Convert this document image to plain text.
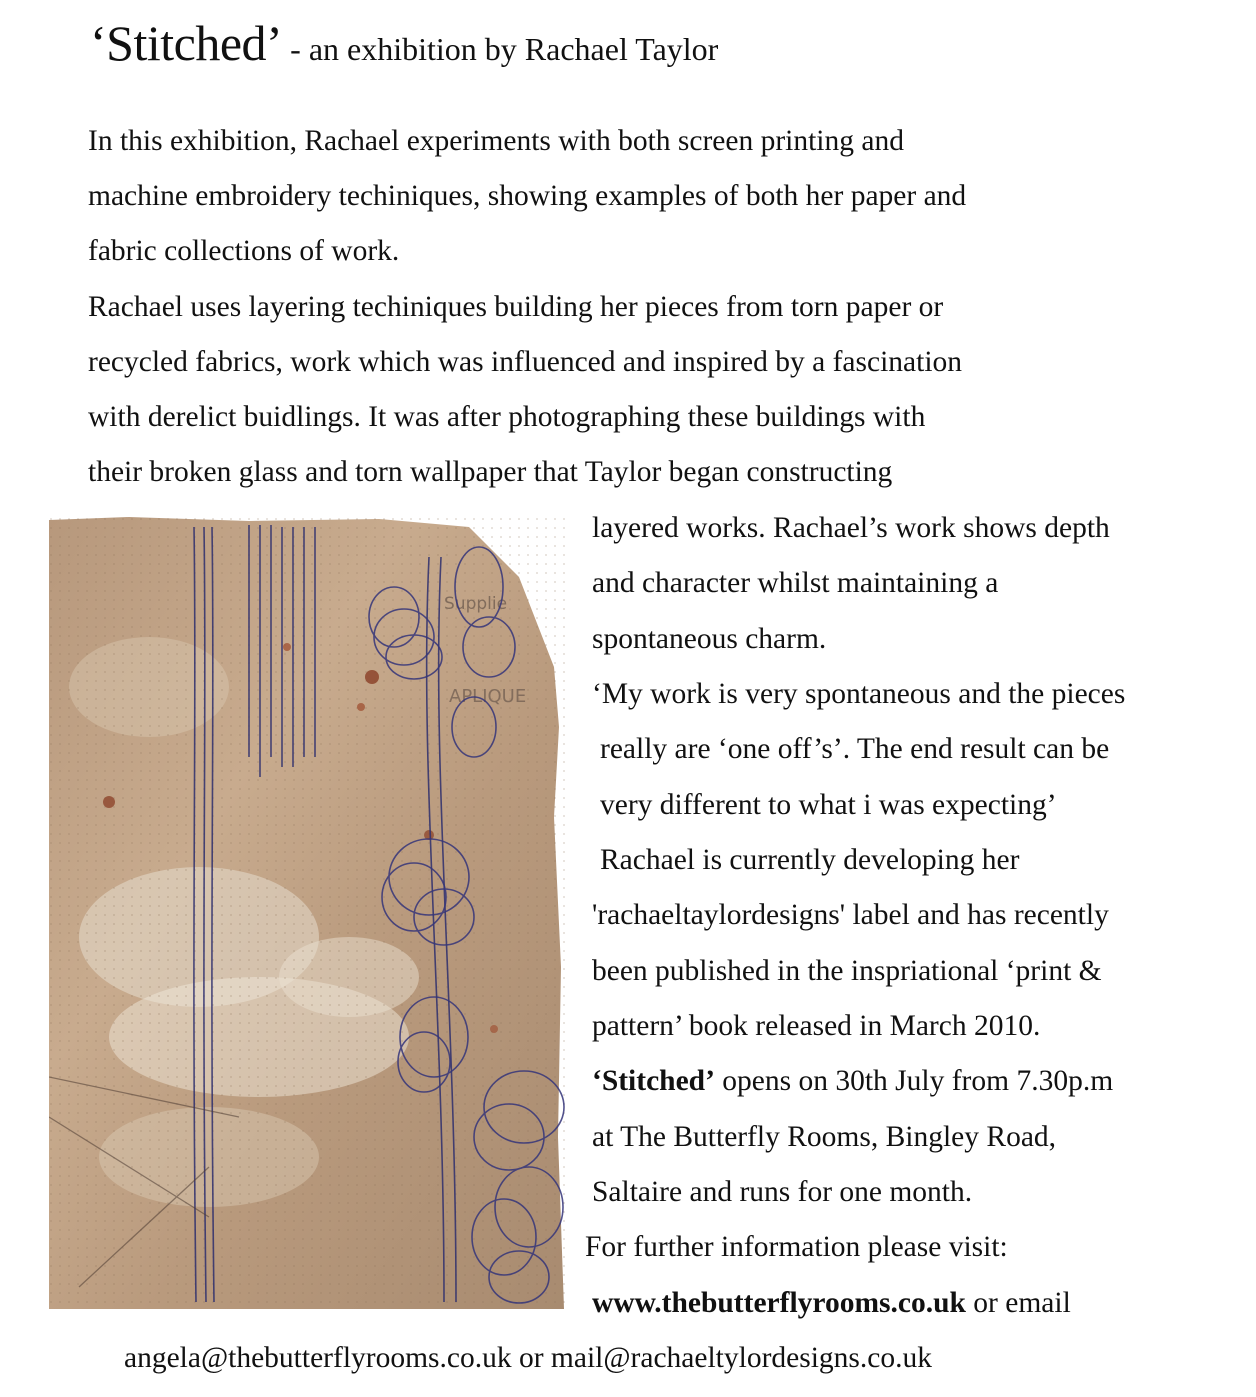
‘Stitched’ - an exhibition by Rachael Taylor
In this exhibition, Rachael experiments with both screen printing and
machine embroidery techiniques, showing examples of both her paper and
fabric collections of work.
Rachael uses layering techiniques building her pieces from torn paper or
recycled fabrics, work which was influenced and inspired by a fascination
with derelict buidlings. It was after photographing these buildings with
their broken glass and torn wallpaper that Taylor began constructing
layered works. Rachael’s work shows depth
and character whilst maintaining a
spontaneous charm.
‘My work is very spontaneous and the pieces
really are ‘one off’s’. The end result can be
very different to what i was expecting’
Rachael is currently developing her
'rachaeltaylordesigns' label and has recently
been published in the inspriational ‘print &
pattern’ book released in March 2010.
‘Stitched’ opens on 30th July from 7.30p.m
at The Butterfly Rooms, Bingley Road,
Saltaire and runs for one month.
For further information please visit:
www.thebutterflyrooms.co.uk or email
angela@thebutterflyrooms.co.uk or mail@rachaeltylordesigns.co.uk
Supplie
APLIQUE
